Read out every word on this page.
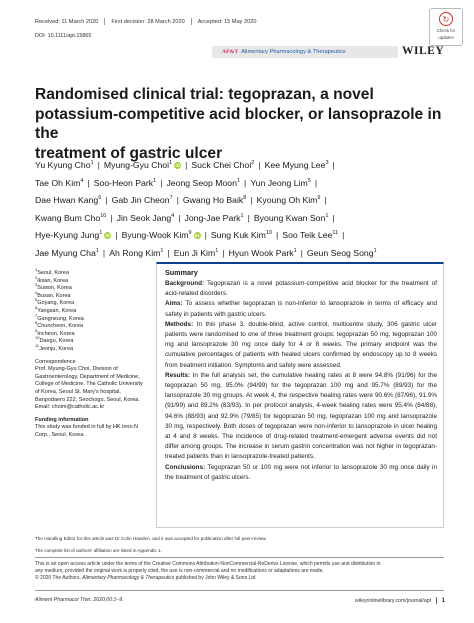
Received: 11 March 2020 First decision: 28 March 2020 Accepted: 15 May 2020
DOI: 10.1111/apt.15865
↻
Check for
updates
AP&T Alimentary Pharmacology & Therapeutics	WILEY
Randomised clinical trial: tegoprazan, a novel
potassium-competitive acid blocker, or lansoprazole in the
treatment of gastric ulcer
Yu Kyung Cho$^1$ | Myung-Gyu Choi$^1$ iD | Suck Chei Choi$^2$ | Kee Myung Lee$^3$ |
Tae Oh Kim$^4$ | Soo-Heon Park$^1$ | Jeong Seop Moon$^1$ | Yun Jeong Lim$^5$ |
Dae Hwan Kang$^6$ | Gab Jin Cheon$^7$ | Gwang Ho Baik$^8$ | Kyoung Oh Kim$^9$ |
Kwang Bum Cho$^{10}$ | Jin Seok Jang$^4$ | Jong-Jae Park$^1$ | Byoung Kwan Son$^1$ |
Hye-Kyung Jung$^1$ iD | Byung-Wook Kim$^9$ iD | Sung Kuk Kim$^{10}$ | Soo Teik Lee$^{11}$ |
Jae Myung Cha$^1$ | Ah Rong Kim$^1$ | Eun Ji Kim$^1$ | Hyun Wook Park$^1$ | Geun Seog Song$^1$
$^1$Seoul, Korea
$^2$Iksan, Korea
$^3$Suwon, Korea
$^4$Busan, Korea
$^5$Goyang, Korea
$^6$Yangsan, Korea
$^7$Gangneung, Korea
$^8$Chuncheon, Korea
$^9$Incheon, Korea
$^{10}$Daegu, Korea
$^{11}$Jeonju, Korea
Correspondence
Prof. Myung-Gyu Choi, Division of
Gastroenterology, Department of Medicine,
College of Medicine, The Catholic University
of Korea, Seoul St. Mary's hospital,
Banpodaero 222, Seochogu, Seoul, Korea.
Email: choim@catholic.ac.kr
Funding information
This study was funded in full by HK inno.N
Corp., Seoul, Korea.
Summary

Background: Tegoprazan is a novel potassium-competitive acid blocker for the treatment of acid-related disorders.

Aims: To assess whether tegoprazan is non-inferior to lansoprazole in terms of efficacy and safety in patients with gastric ulcers.

Methods: In this phase 3, double-blind, active control, multicentre study, 306 gastric ulcer patients were randomised to one of three treatment groups: tegoprazan 50 mg, tegoprazan 100 mg and lansoprazole 30 mg once daily for 4 or 8 weeks. The primary endpoint was the cumulative percentages of patients with healed ulcers confirmed by endoscopy up to 8 weeks from treatment initiation. Symptoms and safety were assessed.

Results: In the full analysis set, the cumulative healing rates at 8 were 94.8% (91/96) for the tegoprazan 50 mg, 95.0% (94/99) for the tegoprazan 100 mg and 95.7% (89/93) for the lansoprazole 30 mg groups. At week 4, the respective healing rates were 90.6% (87/96), 91.9% (91/99) and 89.2% (83/93). In per protocol analysis, 4-week healing rates were 95.4% (84/88), 94.6% (88/93) and 92.9% (79/85) for tegoprazan 50 mg, tegoprazan 100 mg and lansoprazole 30 mg, respectively. Both doses of tegoprazan were non-inferior to lansoprazole in ulcer healing at 4 and 8 weeks. The incidence of drug-related treatment-emergent adverse events did not differ among groups. The increase in serum gastrin concentration was not higher in tegoprazan-treated patients than in lansoprazole-treated patients.

Conclusions: Tegoprazan 50 or 100 mg were not inferior to lansoprazole 30 mg once daily in the treatment of gastric ulcers.

The Handling Editor for this article was Dr Colin Howden, and it was accepted for publication after full peer-review.
The complete list of authors' affiliation are listed in Appendix 1.
This is an open access article under the terms of the Creative Commons Attribution-NonCommercial-NoDerivs License, which permits use and distribution in
any medium, provided the original work is properly cited, the use is non-commercial and no modifications or adaptations are made.
© 2020 The Authors. Alimentary Pharmacology & Therapeutics published by John Wiley & Sons Ltd
Aliment Pharmacol Ther. 2020;00:1–9.	wileyonlinelibrary.com/journal/apt 1
